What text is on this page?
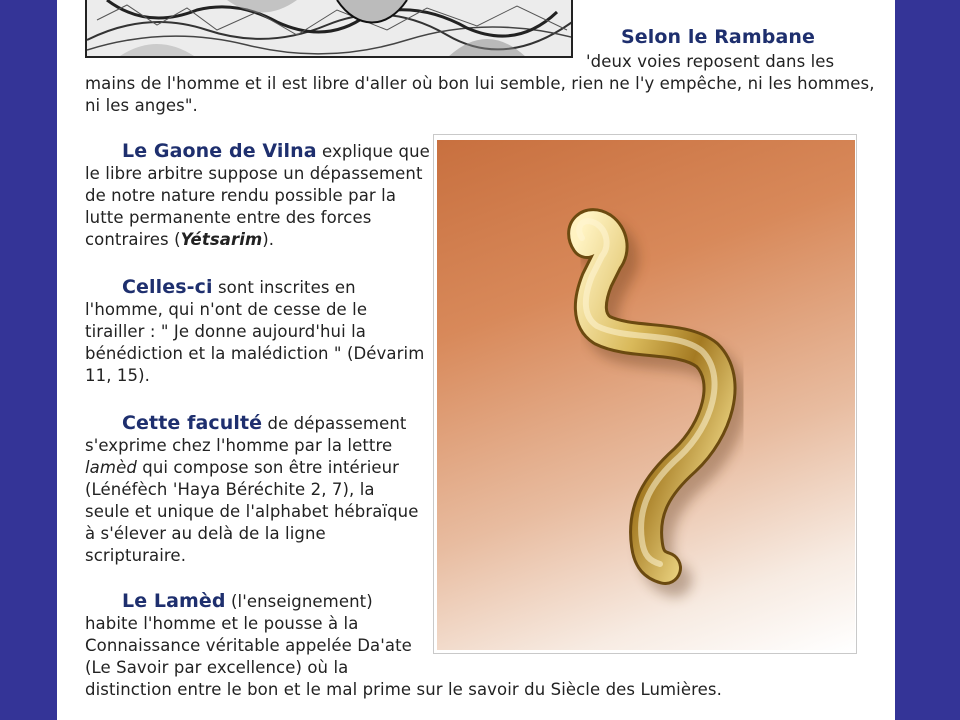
Selon le Rambane
'deux voies reposent dans les
mains de l'homme et il est libre d'aller où bon lui semble, rien ne l'y empêche, ni les hommes,
ni les anges".
Le Gaone de Vilna explique que
le libre arbitre suppose un dépassement
de notre nature rendu possible par la
lutte permanente entre des forces
contraires (Yétsarim).
Celles-ci sont inscrites en
l'homme, qui n'ont de cesse de le
tirailler : " Je donne aujourd'hui la
bénédiction et la malédiction " (Dévarim
11, 15).
Cette faculté de dépassement
s'exprime chez l'homme par la lettre
lamèd qui compose son être intérieur
(Lénéfèch 'Haya Béréchite 2, 7), la
seule et unique de l'alphabet hébraïque
à s'élever au delà de la ligne
scripturaire.
Le Lamèd (l'enseignement)
habite l'homme et le pousse à la
Connaissance véritable appelée Da'ate
(Le Savoir par excellence) où la
distinction entre le bon et le mal prime sur le savoir du Siècle des Lumières.
